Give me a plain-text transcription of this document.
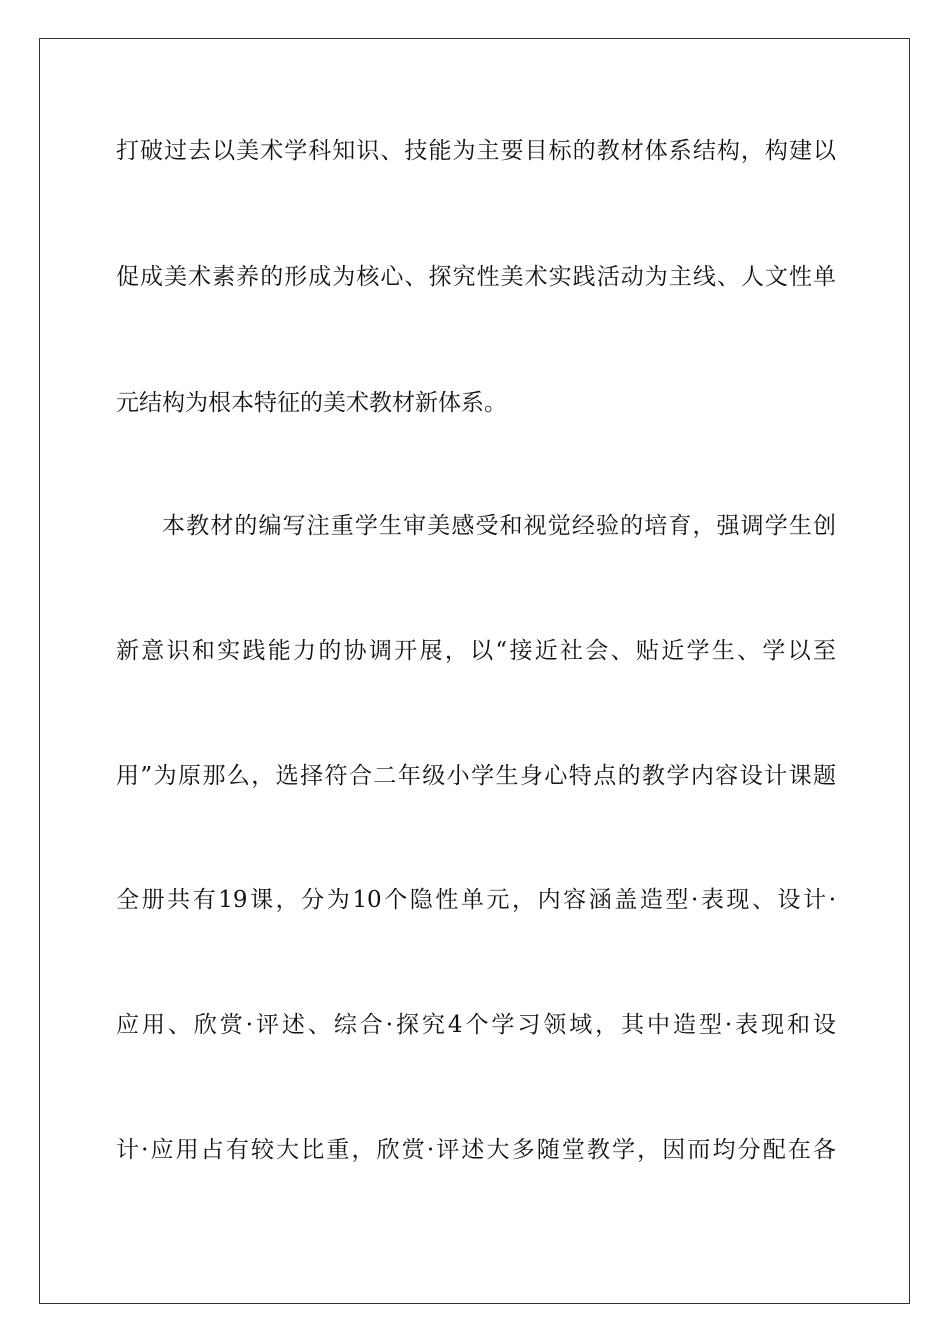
打破过去以美术学科知识、技能为主要目标的教材体系结构，构建以
促成美术素养的形成为核心、探究性美术实践活动为主线、人文性单
元结构为根本特征的美术教材新体系。
本教材的编写注重学生审美感受和视觉经验的培育，强调学生创
新意识和实践能力的协调开展，以“接近社会、贴近学生、学以至
用”为原那么，选择符合二年级小学生身心特点的教学内容设计课题
全册共有19课，分为10个隐性单元，内容涵盖造型·表现、设计·
应用、欣赏·评述、综合·探究4个学习领域，其中造型·表现和设
计·应用占有较大比重，欣赏·评述大多随堂教学，因而均分配在各
